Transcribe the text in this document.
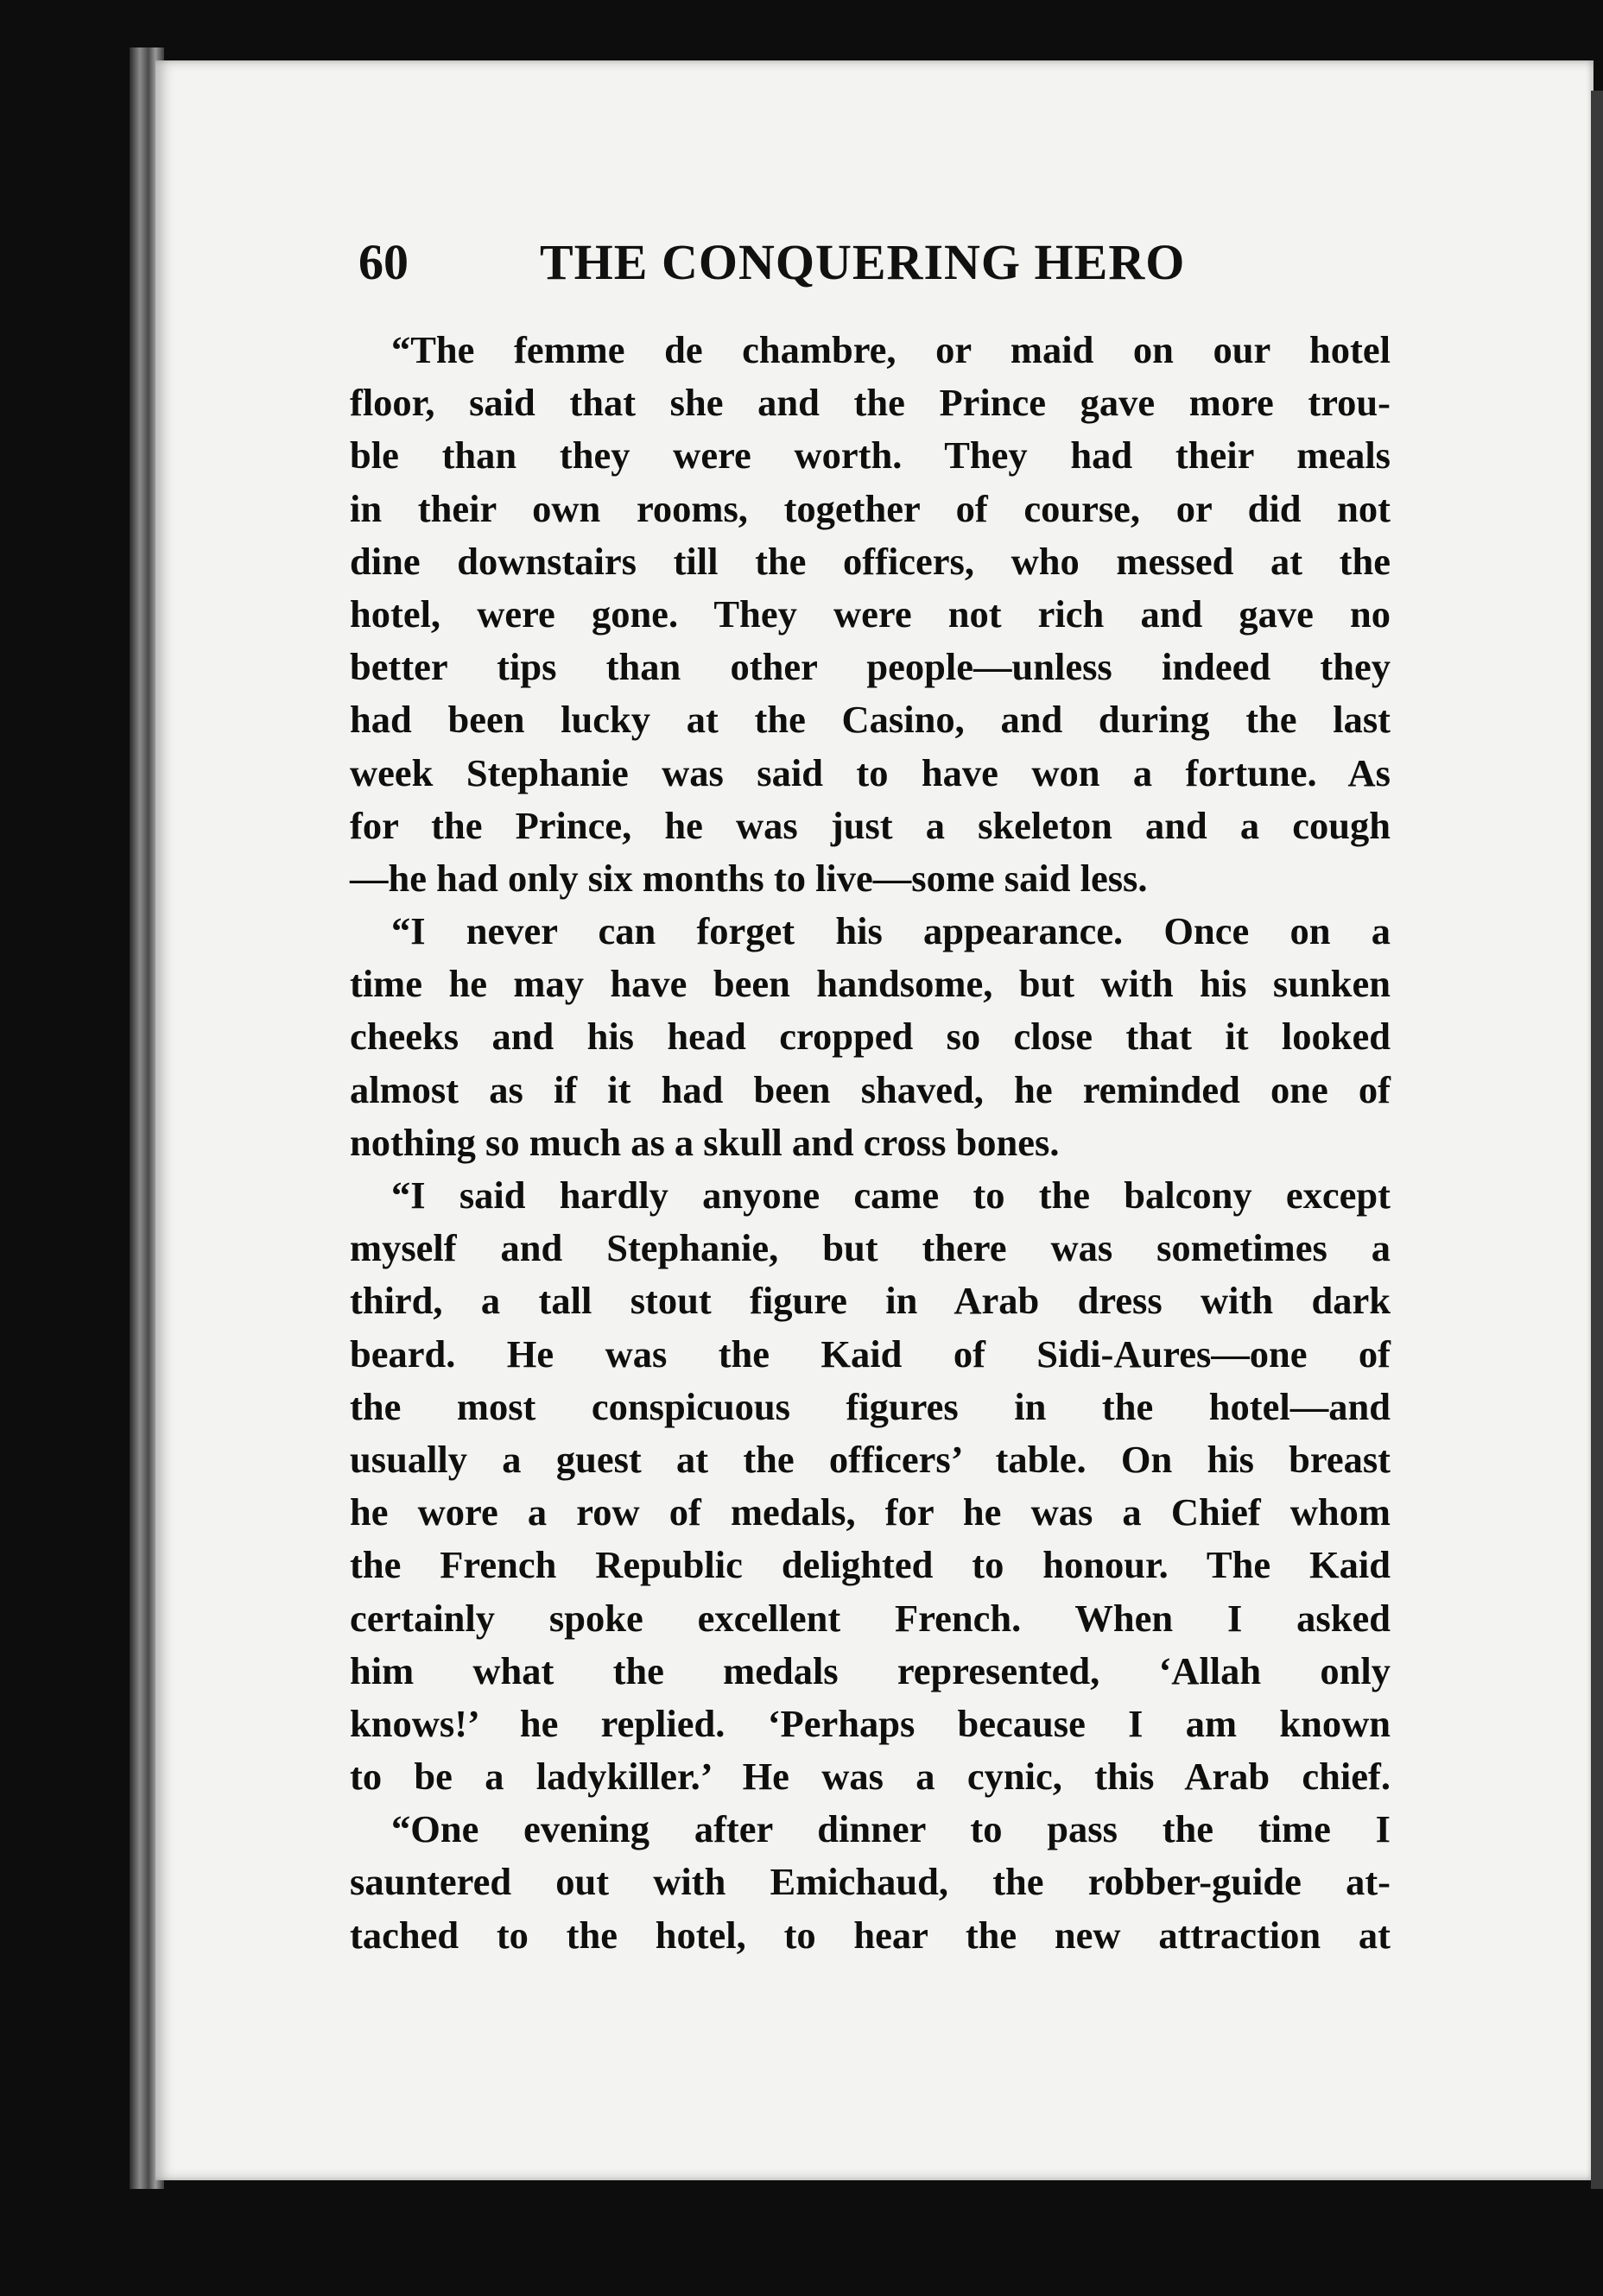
60	THE CONQUERING HERO
“The femme de chambre, or maid on our hotel
floor, said that she and the Prince gave more trou-
ble than they were worth. They had their meals
in their own rooms, together of course, or did not
dine downstairs till the officers, who messed at the
hotel, were gone. They were not rich and gave no
better tips than other people—unless indeed they
had been lucky at the Casino, and during the last
week Stephanie was said to have won a fortune. As
for the Prince, he was just a skeleton and a cough
—he had only six months to live—some said less.
“I never can forget his appearance. Once on a
time he may have been handsome, but with his sunken
cheeks and his head cropped so close that it looked
almost as if it had been shaved, he reminded one of
nothing so much as a skull and cross bones.
“I said hardly anyone came to the balcony except
myself and Stephanie, but there was sometimes a
third, a tall stout figure in Arab dress with dark
beard. He was the Kaid of Sidi-Aures—one of
the most conspicuous figures in the hotel—and
usually a guest at the officers’ table. On his breast
he wore a row of medals, for he was a Chief whom
the French Republic delighted to honour. The Kaid
certainly spoke excellent French. When I asked
him what the medals represented, ‘Allah only
knows!’ he replied. ‘Perhaps because I am known
to be a ladykiller.’ He was a cynic, this Arab chief.
“One evening after dinner to pass the time I
sauntered out with Emichaud, the robber-guide at-
tached to the hotel, to hear the new attraction at
